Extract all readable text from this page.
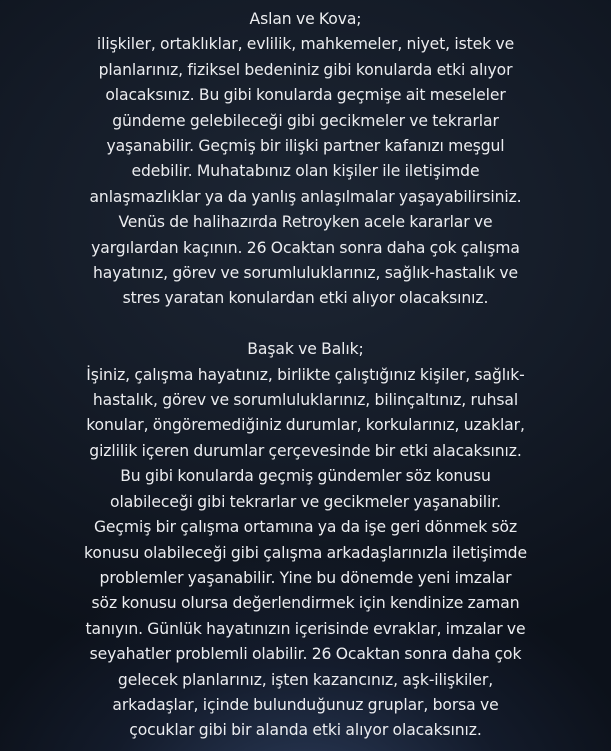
Aslan ve Kova;
ilişkiler, ortaklıklar, evlilik, mahkemeler, niyet, istek ve
planlarınız, fiziksel bedeniniz gibi konularda etki alıyor
olacaksınız. Bu gibi konularda geçmişe ait meseleler
gündeme gelebileceği gibi gecikmeler ve tekrarlar
yaşanabilir. Geçmiş bir ilişki partner kafanızı meşgul
edebilir. Muhatabınız olan kişiler ile iletişimde
anlaşmazlıklar ya da yanlış anlaşılmalar yaşayabilirsiniz.
Venüs de halihazırda Retroyken acele kararlar ve
yargılardan kaçının. 26 Ocaktan sonra daha çok çalışma
hayatınız, görev ve sorumluluklarınız, sağlık-hastalık ve
stres yaratan konulardan etki alıyor olacaksınız.
Başak ve Balık;
İşiniz, çalışma hayatınız, birlikte çalıştığınız kişiler, sağlık-
hastalık, görev ve sorumluluklarınız, bilinçaltınız, ruhsal
konular, öngöremediğiniz durumlar, korkularınız, uzaklar,
gizlilik içeren durumlar çerçevesinde bir etki alacaksınız.
Bu gibi konularda geçmiş gündemler söz konusu
olabileceği gibi tekrarlar ve gecikmeler yaşanabilir.
Geçmiş bir çalışma ortamına ya da işe geri dönmek söz
konusu olabileceği gibi çalışma arkadaşlarınızla iletişimde
problemler yaşanabilir. Yine bu dönemde yeni imzalar
söz konusu olursa değerlendirmek için kendinize zaman
tanıyın. Günlük hayatınızın içerisinde evraklar, imzalar ve
seyahatler problemli olabilir. 26 Ocaktan sonra daha çok
gelecek planlarınız, işten kazancınız, aşk-ilişkiler,
arkadaşlar, içinde bulunduğunuz gruplar, borsa ve
çocuklar gibi bir alanda etki alıyor olacaksınız.
